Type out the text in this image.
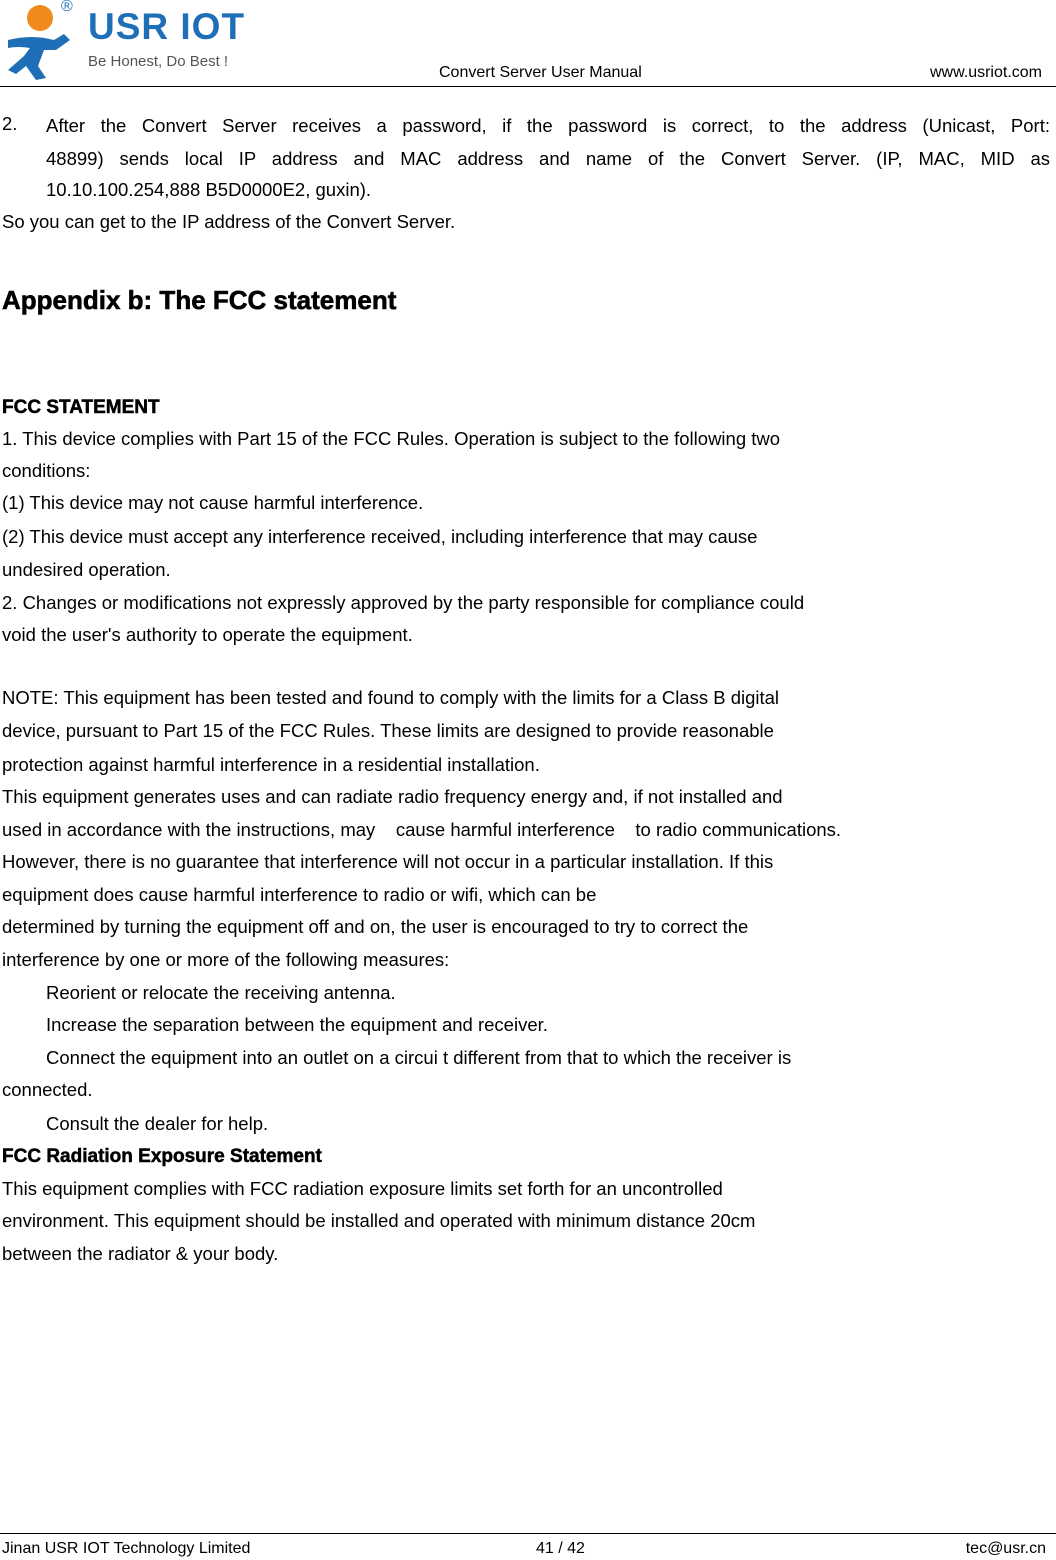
USR IOT
®
Be Honest, Do Best !
Convert Server User Manual	www.usriot.com
2. After the Convert Server receives a password, if the password is correct, to the address (Unicast, Port:
48899) sends local IP address and MAC address and name of the Convert Server. (IP, MAC, MID as
10.10.100.254,888 B5D0000E2, guxin).
So you can get to the IP address of the Convert Server.
Appendix b: The FCC statement
FCC STATEMENT
1. This device complies with Part 15 of the FCC Rules. Operation is subject to the following two
conditions:
(1) This device may not cause harmful interference.
(2) This device must accept any interference received, including interference that may cause
undesired operation.
2. Changes or modifications not expressly approved by the party responsible for compliance could
void the user's authority to operate the equipment.
NOTE: This equipment has been tested and found to comply with the limits for a Class B digital
device, pursuant to Part 15 of the FCC Rules. These limits are designed to provide reasonable
protection against harmful interference in a residential installation.
This equipment generates uses and can radiate radio frequency energy and, if not installed and
used in accordance with the instructions, may    cause harmful interference    to radio communications.
However, there is no guarantee that interference will not occur in a particular installation. If this
equipment does cause harmful interference to radio or wifi, which can be
determined by turning the equipment off and on, the user is encouraged to try to correct the
interference by one or more of the following measures:
Reorient or relocate the receiving antenna.
Increase the separation between the equipment and receiver.
Connect the equipment into an outlet on a circui t different from that to which the receiver is
connected.
Consult the dealer for help.
FCC Radiation Exposure Statement
This equipment complies with FCC radiation exposure limits set forth for an uncontrolled
environment. This equipment should be installed and operated with minimum distance 20cm
between the radiator & your body.
Jinan USR IOT Technology Limited	41 / 42	tec@usr.cn
